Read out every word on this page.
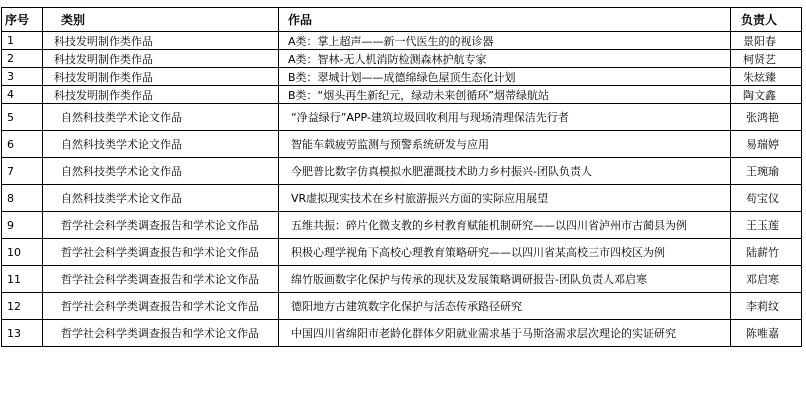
序号	类别	作品	负责人
1	科技发明制作类作品	A类：掌上超声——新一代医生的的视诊器	景阳春
2	科技发明制作类作品	A类：智林-无人机消防检测森林护航专家	柯贤艺
3	科技发明制作类作品	B类：翠城计划——成德绵绿色屋顶生态化计划	朱炫臻
4	科技发明制作类作品	B类：“烟头再生新纪元，绿动未来创循环”烟蒂绿航站	陶文鑫
5	自然科技类学术论文作品	“净益绿行”APP-建筑垃圾回收利用与现场清理保洁先行者	张鸿艳
6	自然科技类学术论文作品	智能车载疲劳监测与预警系统研发与应用	易瑞婷
7	自然科技类学术论文作品	今肥普比数字仿真模拟水肥灌溉技术助力乡村振兴-团队负责人	王琬瑜
8	自然科技类学术论文作品	VR虚拟现实技术在乡村旅游振兴方面的实际应用展望	苟宝仪
9	哲学社会科学类调查报告和学术论文作品	五维共振：碎片化微支教的乡村教育赋能机制研究——以四川省泸州市古蔺县为例	王玉莲
10	哲学社会科学类调查报告和学术论文作品	积极心理学视角下高校心理教育策略研究——以四川省某高校三市四校区为例	陆薪竹
11	哲学社会科学类调查报告和学术论文作品	绵竹版画数字化保护与传承的现状及发展策略调研报告-团队负责人邓启寒	邓启寒
12	哲学社会科学类调查报告和学术论文作品	德阳地方古建筑数字化保护与活态传承路径研究	李莉纹
13	哲学社会科学类调查报告和学术论文作品	中国四川省绵阳市老龄化群体夕阳就业需求基于马斯洛需求层次理论的实证研究	陈唯嘉
